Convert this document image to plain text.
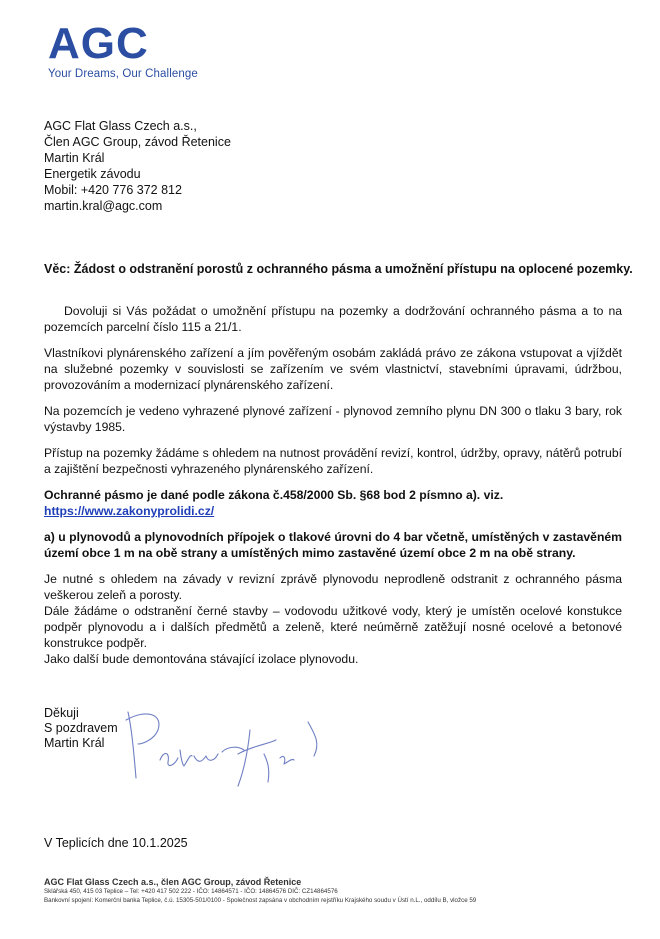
AGC
Your Dreams, Our Challenge
AGC Flat Glass Czech a.s.,
Člen AGC Group, závod Řetenice
Martin Král
Energetik závodu
Mobil: +420 776 372 812
martin.kral@agc.com
Věc: Žádost o odstranění porostů z ochranného pásma a umožnění přístupu na oplocené pozemky.

Dovoluji si Vás požádat o umožnění přístupu na pozemky a dodržování ochranného pásma a to na pozemcích parcelní číslo 115 a 21/1.

Vlastníkovi plynárenského zařízení a jím pověřeným osobám zakládá právo ze zákona vstupovat a vjíždět na služebné pozemky v souvislosti se zařízením ve svém vlastnictví, stavebními úpravami, údržbou, provozováním a modernizací plynárenského zařízení.

Na pozemcích je vedeno vyhrazené plynové zařízení - plynovod zemního plynu DN 300 o tlaku 3 bary, rok výstavby 1985.

Přístup na pozemky žádáme s ohledem na nutnost provádění revizí, kontrol, údržby, opravy, nátěrů potrubí a zajištění bezpečnosti vyhrazeného plynárenského zařízení.

Ochranné pásmo je dané podle zákona č.458/2000 Sb. §68 bod 2 písmno a). viz.
https://www.zakonyprolidi.cz/

a) u plynovodů a plynovodních přípojek o tlakové úrovni do 4 bar včetně, umístěných v zastavěném území obce 1 m na obě strany a umístěných mimo zastavěné území obce 2 m na obě strany.

Je nutné s ohledem na závady v revizní zprávě plynovodu neprodleně odstranit z ochranného pásma veškerou zeleň a porosty.

Dále žádáme o odstranění černé stavby – vodovodu užitkové vody, který je umístěn ocelové konstukce podpěr plynovodu a i dalších předmětů a zeleně, které neúměrně zatěžují nosné ocelové a betonové konstrukce podpěr.

Jako další bude demontována stávající izolace plynovodu.

Děkuji
S pozdravem
Martin Král
V Teplicích dne 10.1.2025
AGC Flat Glass Czech a.s., člen AGC Group, závod Řetenice
Sklářská 450, 415 03 Teplice – Tel: +420 417 502 222 - IČO: 14864571 - IČO: 14864576 DIČ: CZ14864576
Bankovní spojení: Komerční banka Teplice, č.ú. 15305-501/0100 - Společnost zapsána v obchodním rejstříku Krajského soudu v Ústí n.L., oddílu B, vložce 59
